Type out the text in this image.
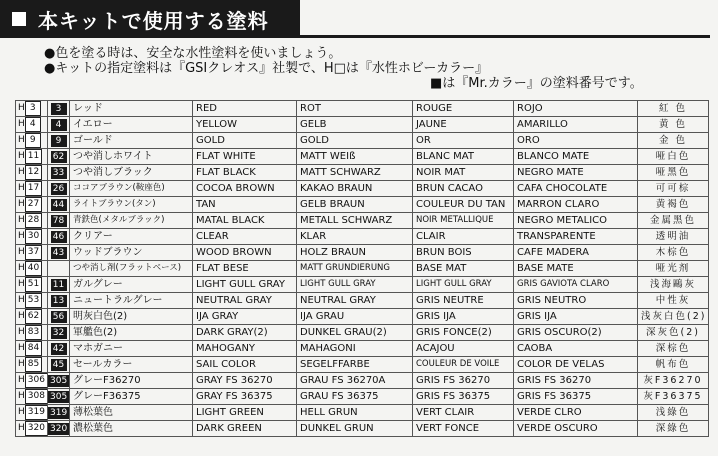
本キットで使用する塗料
●色を塗る時は、安全な水性塗料を使いましょう。
●キットの指定塗料は『GSIクレオス』社製で、H□は『水性ホビーカラー』
■は『Mr.カラー』の塗料番号です。
H 3	3	レッド	RED	ROT	ROUGE	ROJO	紅 色
H 4	4	イエロー	YELLOW	GELB	JAUNE	AMARILLO	黄 色
H 9	9	ゴールド	GOLD	GOLD	OR	ORO	金 色
H 11	62	つや消しホワイト	FLAT WHITE	MATT WEIß	BLANC MAT	BLANCO MATE	哑白色
H 12	33	つや消しブラック	FLAT BLACK	MATT SCHWARZ	NOIR MAT	NEGRO MATE	哑黑色
H 17	26	ココアブラウン(鞍座色)	COCOA BROWN	KAKAO BRAUN	BRUN CACAO	CAFA CHOCOLATE	可可棕
H 27	44	ライトブラウン(タン)	TAN	GELB BRAUN	COULEUR DU TAN	MARRON CLARO	黄褐色
H 28	78	青鉄色(メタルブラック)	MATAL BLACK	METALL SCHWARZ	NOIR METALLIQUE	NEGRO METALICO	金属黑色
H 30	46	クリアー	CLEAR	KLAR	CLAIR	TRANSPARENTE	透明油
H 37	43	ウッドブラウン	WOOD BROWN	HOLZ BRAUN	BRUN BOIS	CAFE MADERA	木棕色
H 40		つや消し剤(フラットベース)	FLAT BESE	MATT GRUNDIERUNG	BASE MAT	BASE MATE	哑光剂
H 51	11	ガルグレー	LIGHT GULL GRAY	LIGHT GULL GRAY	LIGHT GULL GRAY	GRIS GAVIOTA CLARO	浅海鷗灰
H 53	13	ニュートラルグレー	NEUTRAL GRAY	NEUTRAL GRAY	GRIS NEUTRE	GRIS NEUTRO	中性灰
H 62	56	明灰白色(2)	IJA GRAY	IJA GRAU	GRIS IJA	GRIS IJA	浅灰白色(2)
H 83	32	軍艦色(2)	DARK GRAY(2)	DUNKEL GRAU(2)	GRIS FONCE(2)	GRIS OSCURO(2)	深灰色(2)
H 84	42	マホガニー	MAHOGANY	MAHAGONI	ACAJOU	CAOBA	深棕色
H 85	45	セールカラー	SAIL COLOR	SEGELFFARBE	COULEUR DE VOILE	COLOR DE VELAS	帆布色
H 306	305	グレーF36270	GRAY FS 36270	GRAU FS 36270A	GRIS FS 36270	GRIS FS 36270	灰F36270
H 308	305	グレーF36375	GRAY FS 36375	GRAU FS 36375	GRIS FS 36375	GRIS FS 36375	灰F36375
H 319	319	薄松葉色	LIGHT GREEN	HELL GRUN	VERT CLAIR	VERDE CLRO	浅綠色
H 320	320	濃松葉色	DARK GREEN	DUNKEL GRUN	VERT FONCE	VERDE OSCURO	深綠色
